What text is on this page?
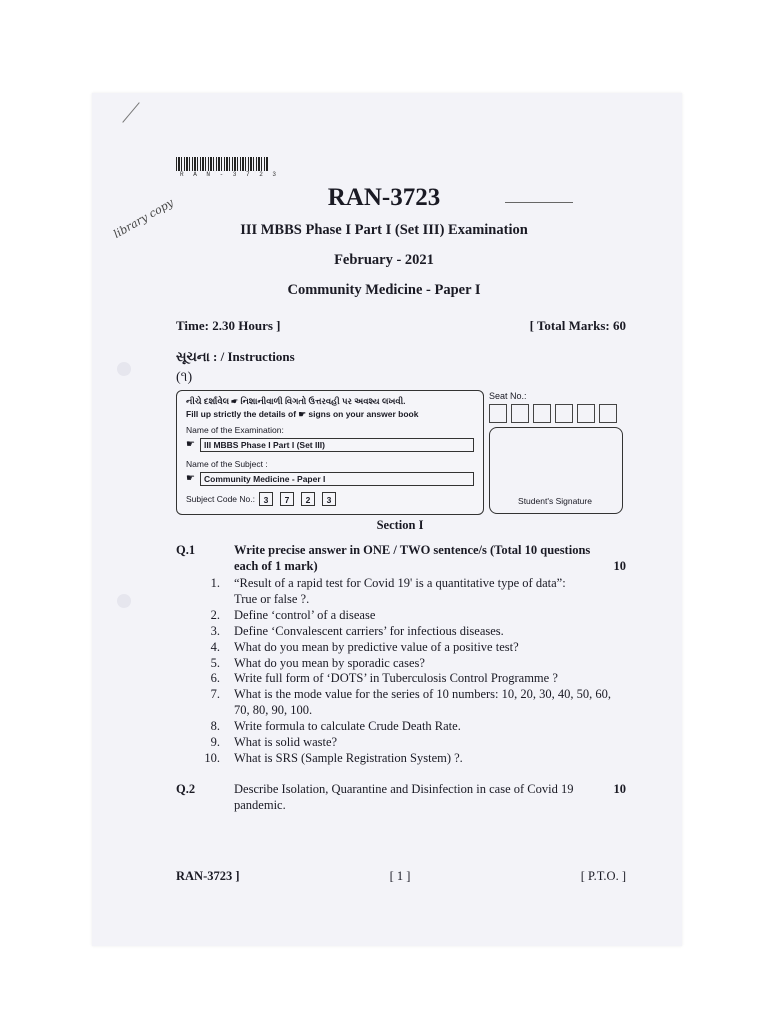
R A N - 3 7 2 3
library copy	RAN-3723
III MBBS Phase I Part I (Set III) Examination
February - 2021
Community Medicine - Paper I
Time: 2.30 Hours ]	[ Total Marks: 60
સૂચના : / Instructions
(૧)
નીચે દર્શાવેલ ☛ નિશાનીવાળી વિગતો ઉત્તરવહી પર અવશ્ય લખવી.
Fill up strictly the details of ☛ signs on your answer book
Name of the Examination:
☛	III MBBS Phase I Part I (Set III)
Name of the Subject :
☛	Community Medicine - Paper I
Subject Code No.:	3	7	2	3
Seat No.:
Student's Signature
Section I
Q.1	Write precise answer in ONE / TWO sentence/s (Total 10 questions
each of 1 mark)	10
1. “Result of a rapid test for Covid 19' is a quantitative type of data”:
True or false ?.
2. Define ‘control’ of a disease
3. Define ‘Convalescent carriers’ for infectious diseases.
4. What do you mean by predictive value of a positive test?
5. What do you mean by sporadic cases?
6. Write full form of ‘DOTS’ in Tuberculosis Control Programme ?
7. What is the mode value for the series of 10 numbers: 10, 20, 30, 40, 50, 60,
70, 80, 90, 100.
8. Write formula to calculate Crude Death Rate.
9. What is solid waste?
10. What is SRS (Sample Registration System) ?.
Q.2	Describe Isolation, Quarantine and Disinfection in case of Covid 19
pandemic.
10
RAN-3723 ]	[ 1 ]	[ P.T.O. ]
